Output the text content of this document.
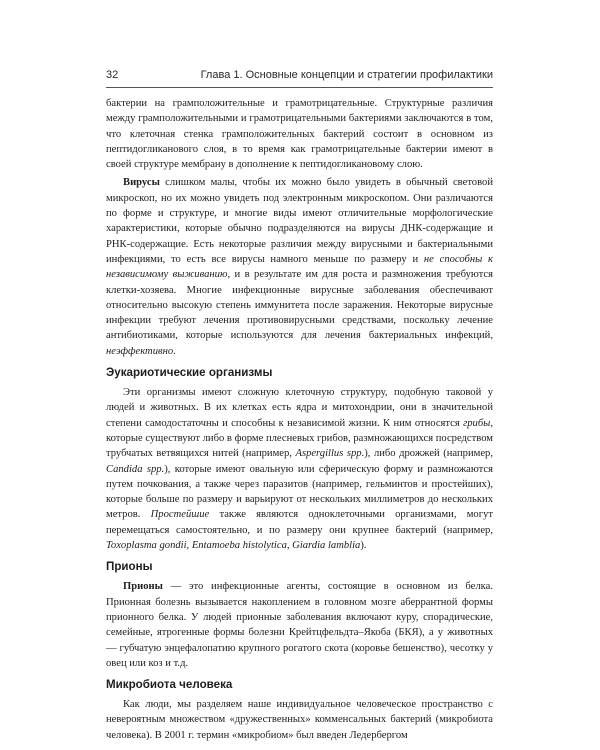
32	Глава 1. Основные концепции и стратегии профилактики

бактерии на грамположительные и грамотрицательные. Структурные различия между грамположительными и грамотрицательными бактериями заключаются в том, что клеточная стенка грамположительных бактерий состоит в основном из пептидогликанового слоя, в то время как грамотрицательные бактерии имеют в своей структуре мембрану в дополнение к пептидогликановому слою.

Вирусы слишком малы, чтобы их можно было увидеть в обычный световой микроскоп, но их можно увидеть под электронным микроскопом. Они различаются по форме и структуре, и многие виды имеют отличительные морфологические характеристики, которые обычно подразделяются на вирусы ДНК-содержащие и РНК-содержащие. Есть некоторые различия между вирусными и бактериальными инфекциями, то есть все вирусы намного меньше по размеру и не способны к независимому выживанию, и в результате им для роста и размножения требуются клетки-хозяева. Многие инфекционные вирусные заболевания обеспечивают относительно высокую степень иммунитета после заражения. Некоторые вирусные инфекции требуют лечения противовирусными средствами, поскольку лечение антибиотиками, которые используются для лечения бактериальных инфекций, неэффективно.

Эукариотические организмы

Эти организмы имеют сложную клеточную структуру, подобную таковой у людей и животных. В их клетках есть ядра и митохондрии, они в значительной степени самодостаточны и способны к независимой жизни. К ним относятся грибы, которые существуют либо в форме плесневых грибов, размножающихся посредством трубчатых ветвящихся нитей (например, Aspergillus spp.), либо дрожжей (например, Candida spp.), которые имеют овальную или сферическую форму и размножаются путем почкования, а также через паразитов (например, гельминтов и простейших), которые больше по размеру и варьируют от нескольких миллиметров до нескольких метров. Простейшие также являются одноклеточными организмами, могут перемещаться самостоятельно, и по размеру они крупнее бактерий (например, Toxoplasma gondii, Entamoeba histolytica, Giardia lamblia).

Прионы

Прионы — это инфекционные агенты, состоящие в основном из белка. Прионная болезнь вызывается накоплением в головном мозге аберрантной формы прионного белка. У людей прионные заболевания включают куру, спорадические, семейные, ятрогенные формы болезни Крейтцфельдта–Якоба (БКЯ), а у животных — губчатую энцефалопатию крупного рогатого скота (коровье бешенство), чесотку у овец или коз и т.д.

Микробиота человека

Как люди, мы разделяем наше индивидуальное человеческое пространство с невероятным множеством «дружественных» комменсальных бактерий (микробиота человека). В 2001 г. термин «микробиом» был введен Ледербергом
